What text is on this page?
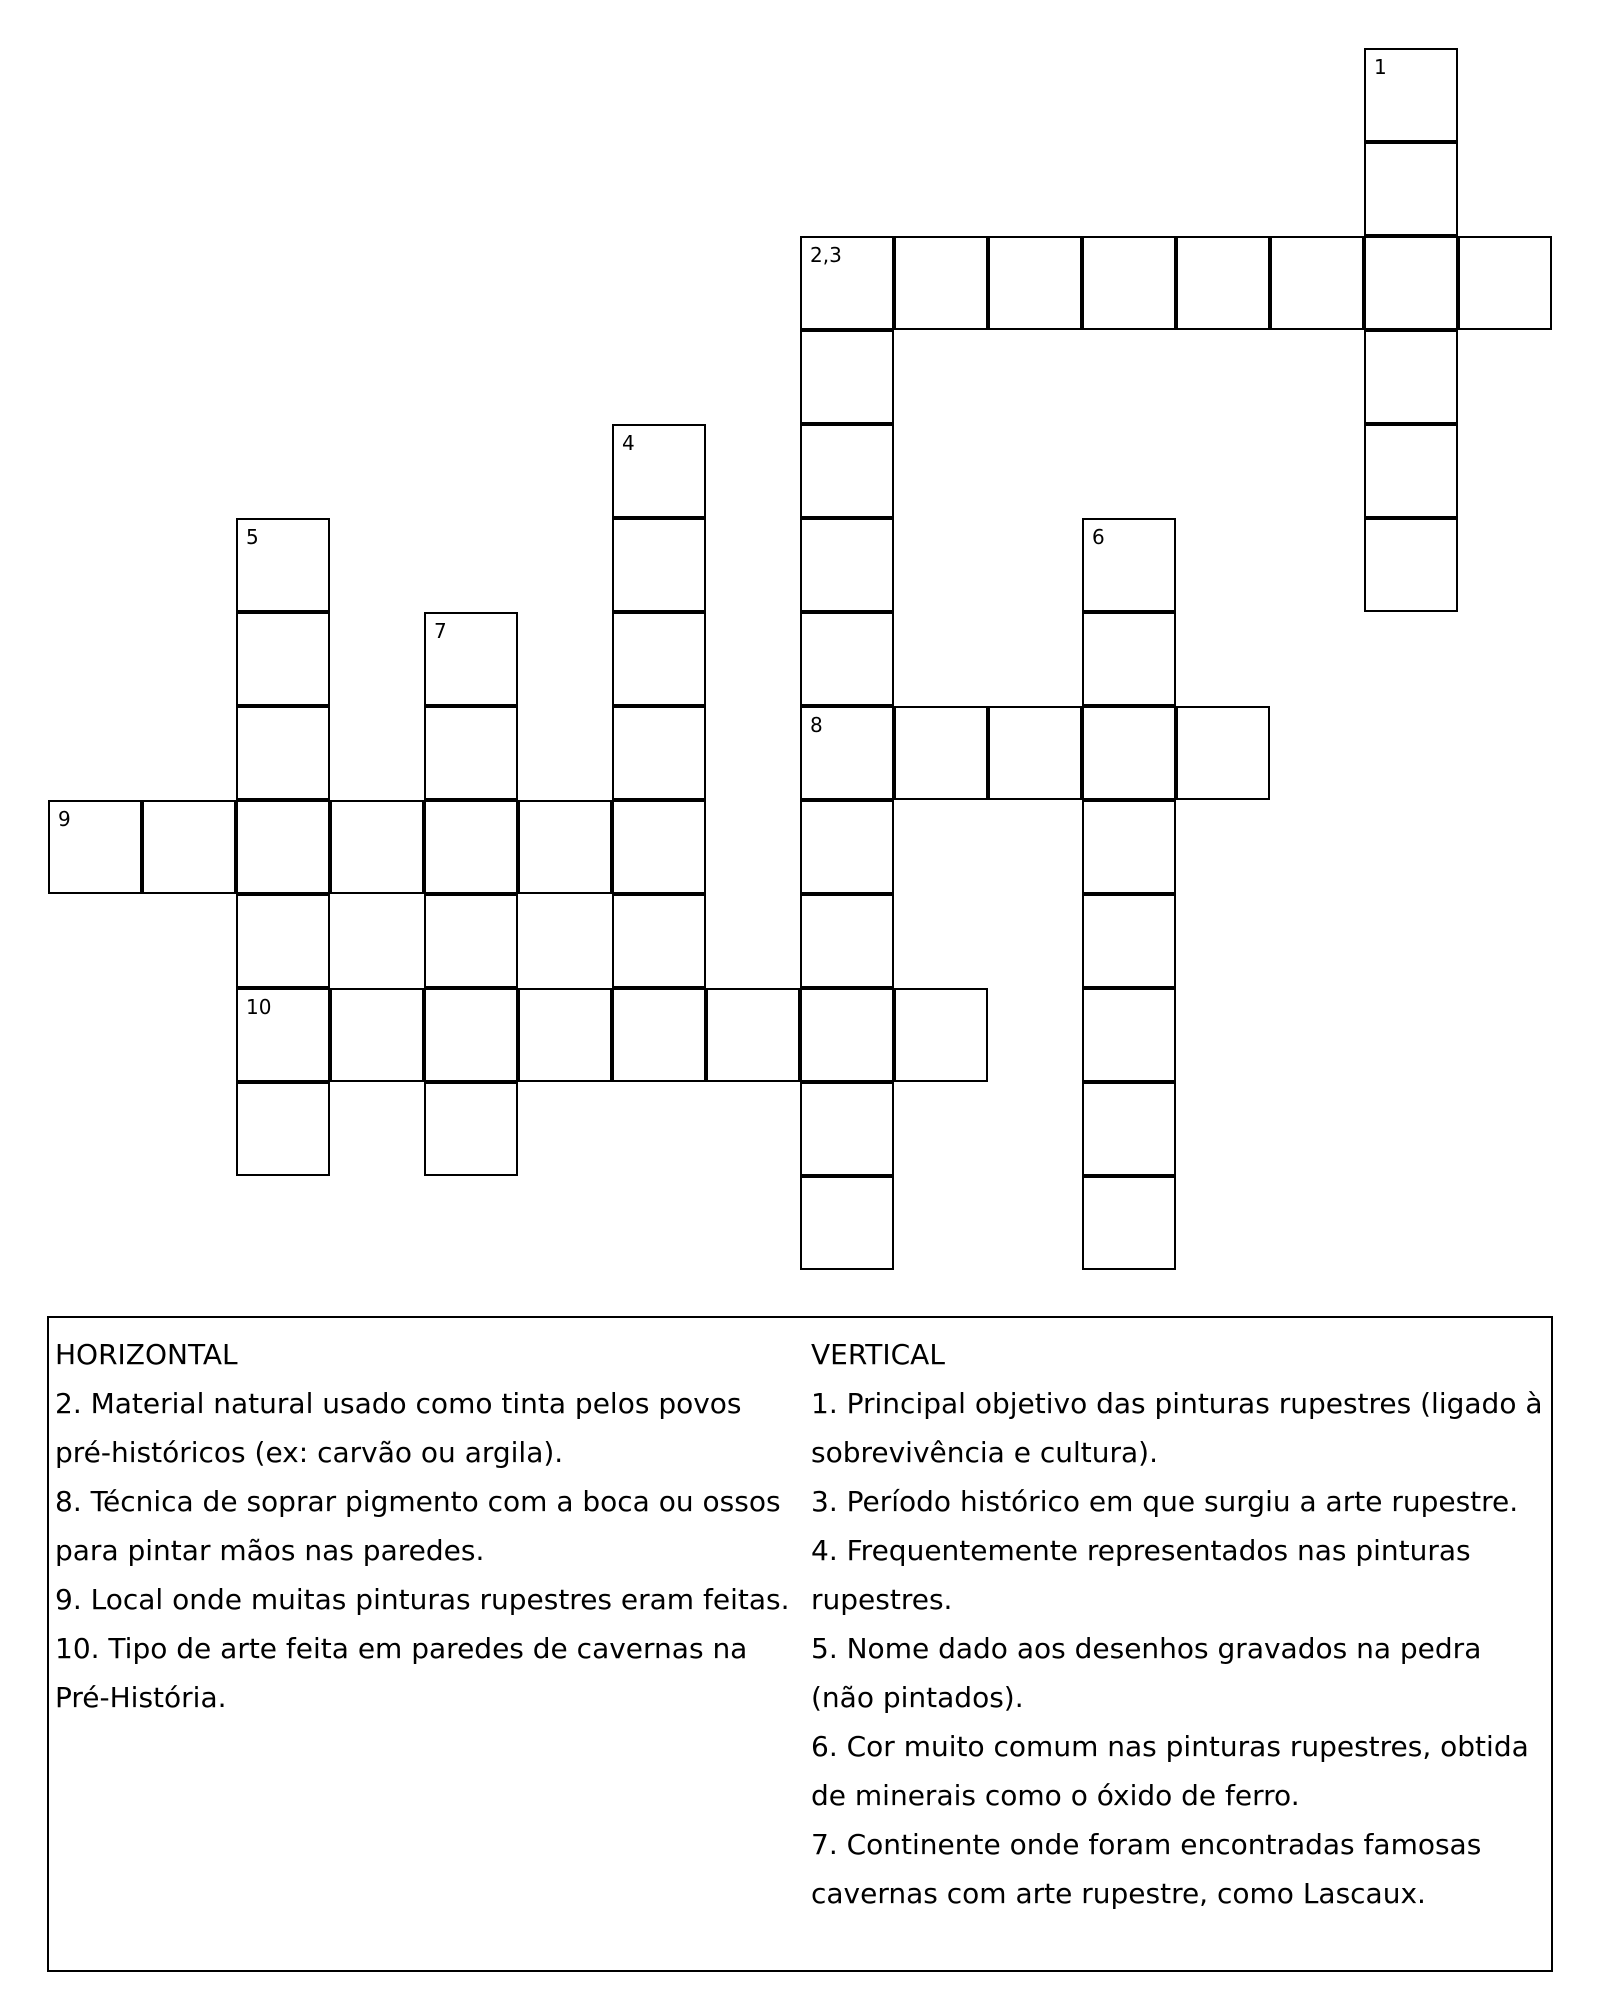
1
2,3
8
4
5
10
6
7
9
HORIZONTAL
2. Material natural usado como tinta pelos povos pré-históricos (ex: carvão ou argila).
8. Técnica de soprar pigmento com a boca ou ossos para pintar mãos nas paredes.
9. Local onde muitas pinturas rupestres eram feitas.
10. Tipo de arte feita em paredes de cavernas na Pré-História.
VERTICAL
1. Principal objetivo das pinturas rupestres (ligado à sobrevivência e cultura).
3. Período histórico em que surgiu a arte rupestre.
4. Frequentemente representados nas pinturas rupestres.
5. Nome dado aos desenhos gravados na pedra (não pintados).
6. Cor muito comum nas pinturas rupestres, obtida de minerais como o óxido de ferro.
7. Continente onde foram encontradas famosas cavernas com arte rupestre, como Lascaux.
